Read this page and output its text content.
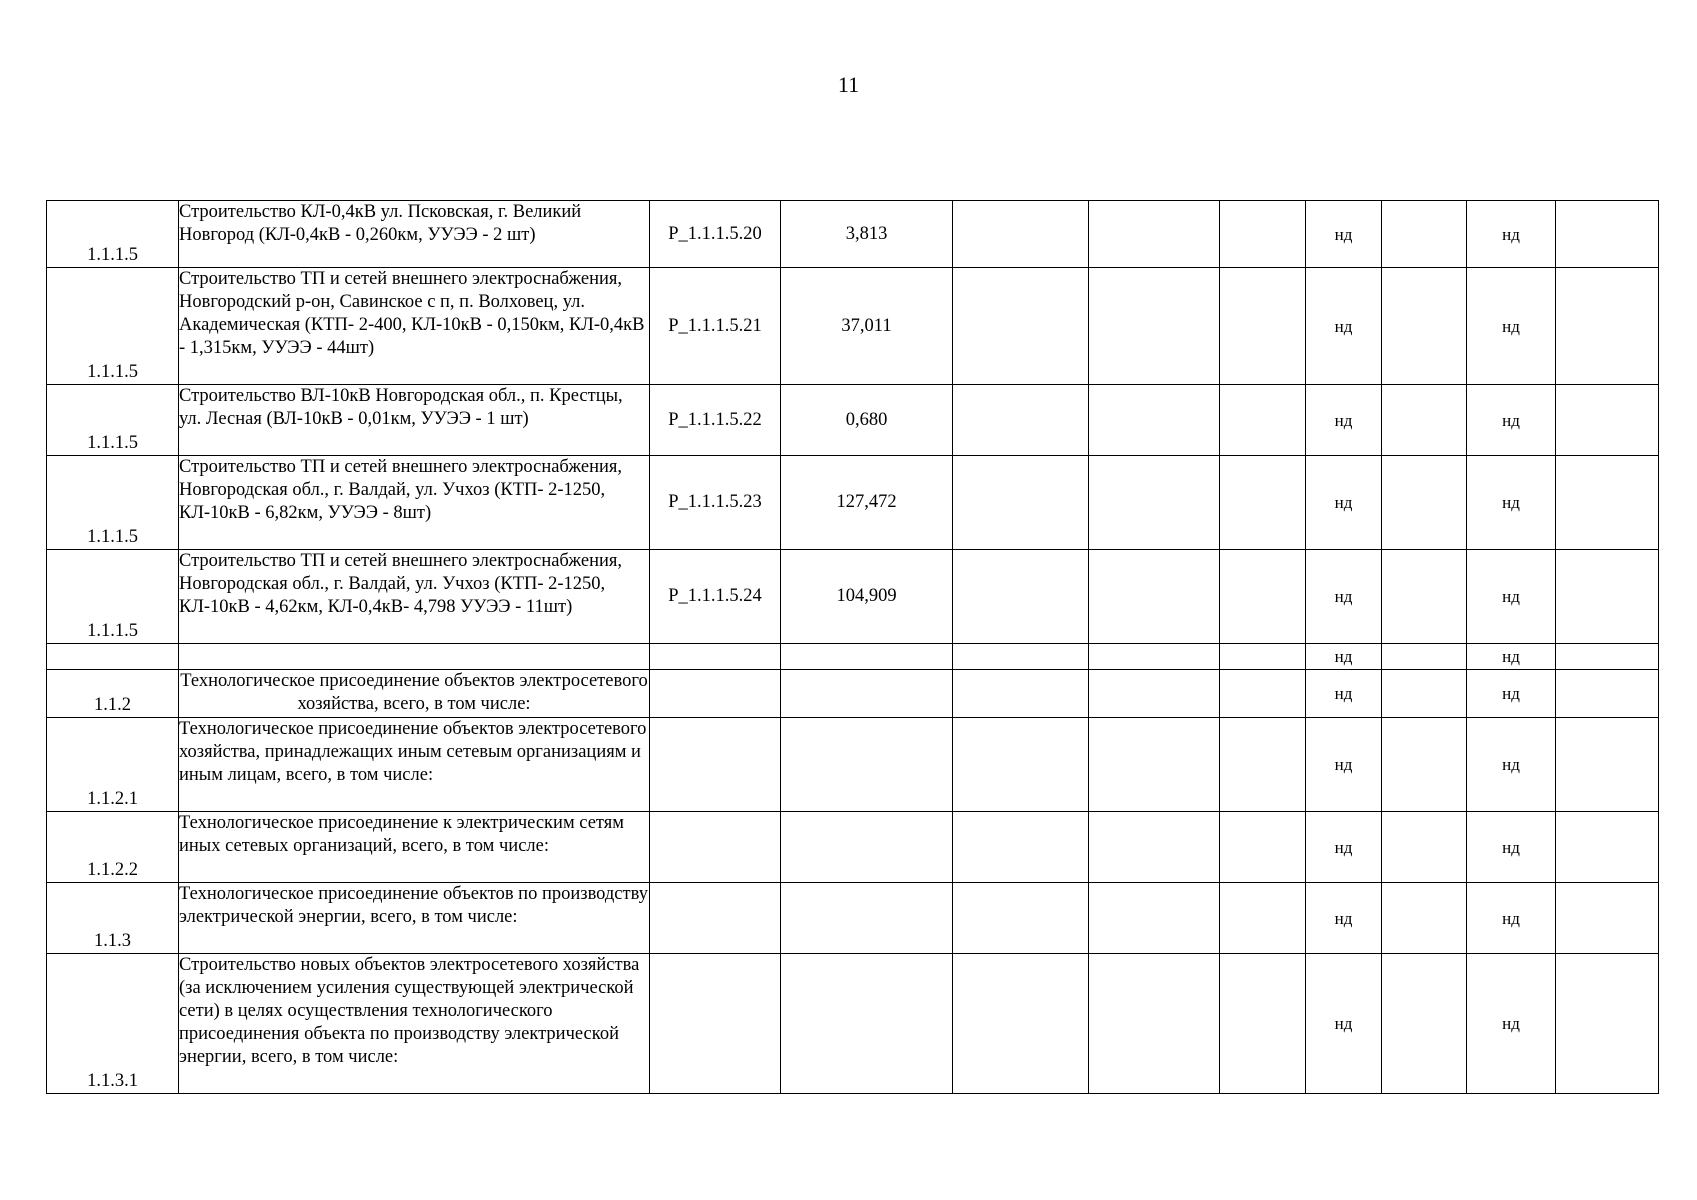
11
1.1.1.5	Строительство КЛ-0,4кВ ул. Псковская, г. Великий Новгород (КЛ-0,4кВ - 0,260км, УУЭЭ - 2 шт)	Р_1.1.1.5.20	3,813				нд		нд	
1.1.1.5	Строительство ТП и сетей внешнего электроснабжения, Новгородский р-он, Савинское с п, п. Волховец, ул. Академическая (КТП- 2-400, КЛ-10кВ - 0,150км, КЛ-0,4кВ - 1,315км, УУЭЭ - 44шт)	Р_1.1.1.5.21	37,011				нд		нд	
1.1.1.5	Строительство ВЛ-10кВ Новгородская обл., п. Крестцы, ул. Лесная (ВЛ-10кВ - 0,01км, УУЭЭ - 1 шт)	Р_1.1.1.5.22	0,680				нд		нд	
1.1.1.5	Строительство ТП и сетей внешнего электроснабжения, Новгородская обл., г. Валдай, ул. Учхоз (КТП- 2-1250, КЛ-10кВ - 6,82км, УУЭЭ - 8шт)	Р_1.1.1.5.23	127,472				нд		нд	
1.1.1.5	Строительство ТП и сетей внешнего электроснабжения, Новгородская обл., г. Валдай, ул. Учхоз (КТП- 2-1250, КЛ-10кВ - 4,62км, КЛ-0,4кВ- 4,798 УУЭЭ - 11шт)	Р_1.1.1.5.24	104,909				нд		нд	
							нд		нд	
1.1.2	Технологическое присоединение объектов электросетевого хозяйства, всего, в том числе:						нд		нд	
1.1.2.1	Технологическое присоединение объектов электросетевого хозяйства, принадлежащих иным сетевым организациям и иным лицам, всего, в том числе:						нд		нд	
1.1.2.2	Технологическое присоединение к электрическим сетям иных сетевых организаций, всего, в том числе:						нд		нд	
1.1.3	Технологическое присоединение объектов по производству электрической энергии, всего, в том числе:						нд		нд	
1.1.3.1	Строительство новых объектов электросетевого хозяйства (за исключением усиления существующей электрической сети) в целях осуществления технологического присоединения объекта по производству электрической энергии, всего, в том числе:						нд		нд	
